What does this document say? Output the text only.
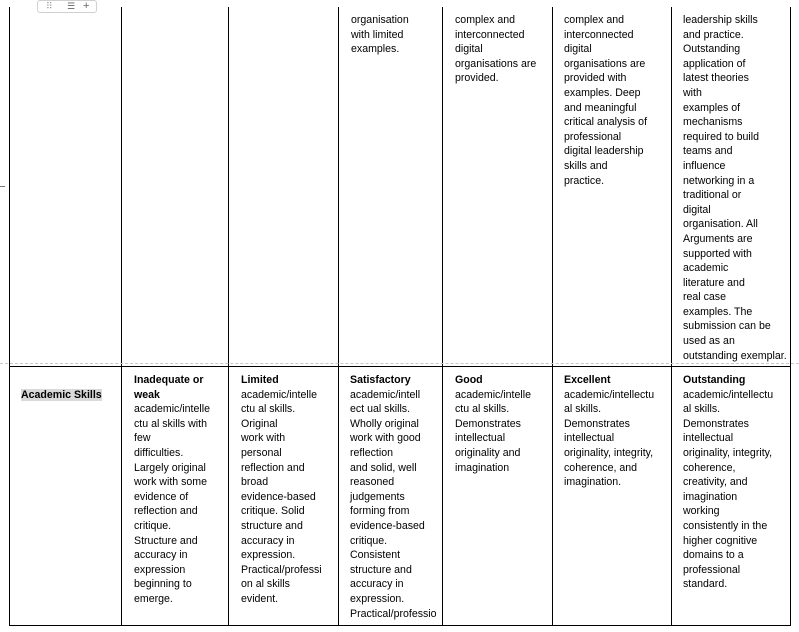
⠿ ☰ +
organisation
with limited
examples.
complex and
interconnected
digital
organisations are
provided.
complex and
interconnected
digital
organisations are
provided with
examples. Deep
and meaningful
critical analysis of
professional
digital leadership
skills and
practice.
leadership skills
and practice.
Outstanding
application of
latest theories
with
examples of
mechanisms
required to build
teams and
influence
networking in a
traditional or
digital
organisation. All
Arguments are
supported with
academic
literature and
real case
examples. The
submission can be
used as an
outstanding exemplar.

Academic Skills

Inadequate or
weak
academic/intelle
ctu al skills with
few
difficulties.
Largely original
work with some
evidence of
reflection and
critique.
Structure and
accuracy in
expression
beginning to
emerge.
Limited
academic/intelle
ctu al skills.
Original
work with
personal
reflection and
broad
evidence-based
critique. Solid
structure and
accuracy in
expression.
Practical/professi
on al skills
evident.
Satisfactory
academic/intell
ect ual skills.
Wholly original
work with good
reflection
and solid, well
reasoned
judgements
forming from
evidence-based
critique.
Consistent
structure and
accuracy in
expression.
Practical/professio
Good
academic/intelle
ctu al skills.
Demonstrates
intellectual
originality and
imagination
Excellent
academic/intellectu
al skills.
Demonstrates
intellectual
originality, integrity,
coherence, and
imagination.
Outstanding
academic/intellectu
al skills.
Demonstrates
intellectual
originality, integrity,
coherence,
creativity, and
imagination
working
consistently in the
higher cognitive
domains to a
professional
standard.
